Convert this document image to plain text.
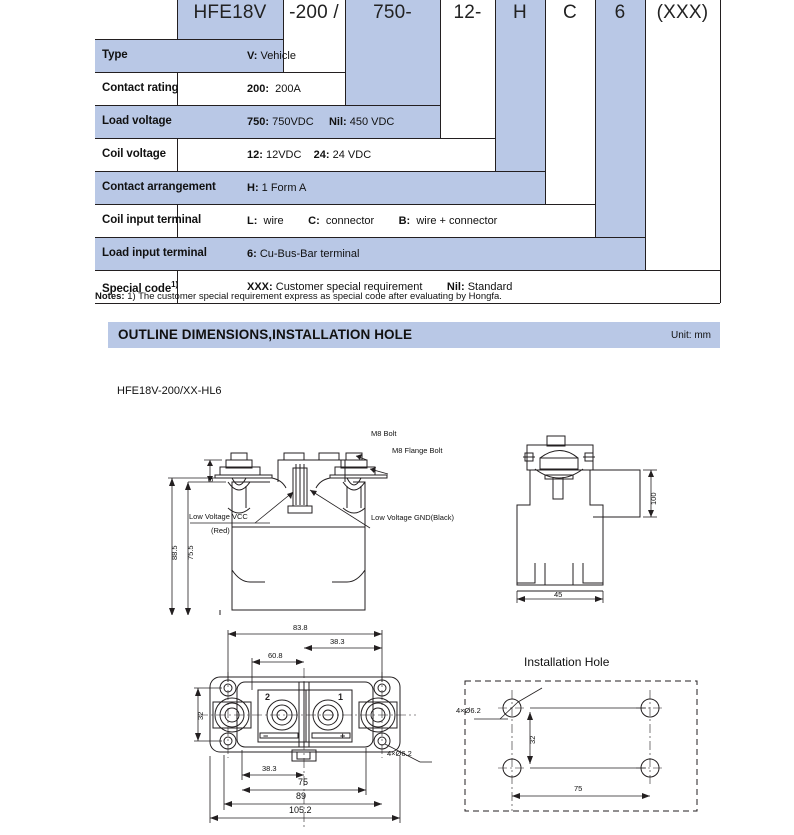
HFE18V	-200 /	750-	12-	H	C	6	(XXX)
Type	V: Vehicle
Contact rating	200:  200A
Load voltage	750: 750VDC     Nil: 450 VDC
Coil voltage	12: 12VDC    24: 24 VDC
Contact arrangement	H: 1 Form A
Coil input terminal	L:  wire        C:  connector        B:  wire + connector
Load input terminal	6: Cu-Bus-Bar terminal
Special code$^{1)}$	XXX: Customer special requirement        Nil: Standard
Notes: 1) The customer special requirement express as special code after evaluating by Hongfa.
OUTLINE DIMENSIONS,INSTALLATION HOLE	Unit: mm
HFE18V-200/XX-HL6
M8 Bolt
M8 Flange Bolt
Low Voltage VCC
(Red)
Low Voltage GND(Black)
88.5 75.5
3
100
45
2	1
−	+
83.8
38.3
60.8
32
38.3
75
89
105.2
4×Ø6.2
Installation Hole
4×Ø6.2
32
75
